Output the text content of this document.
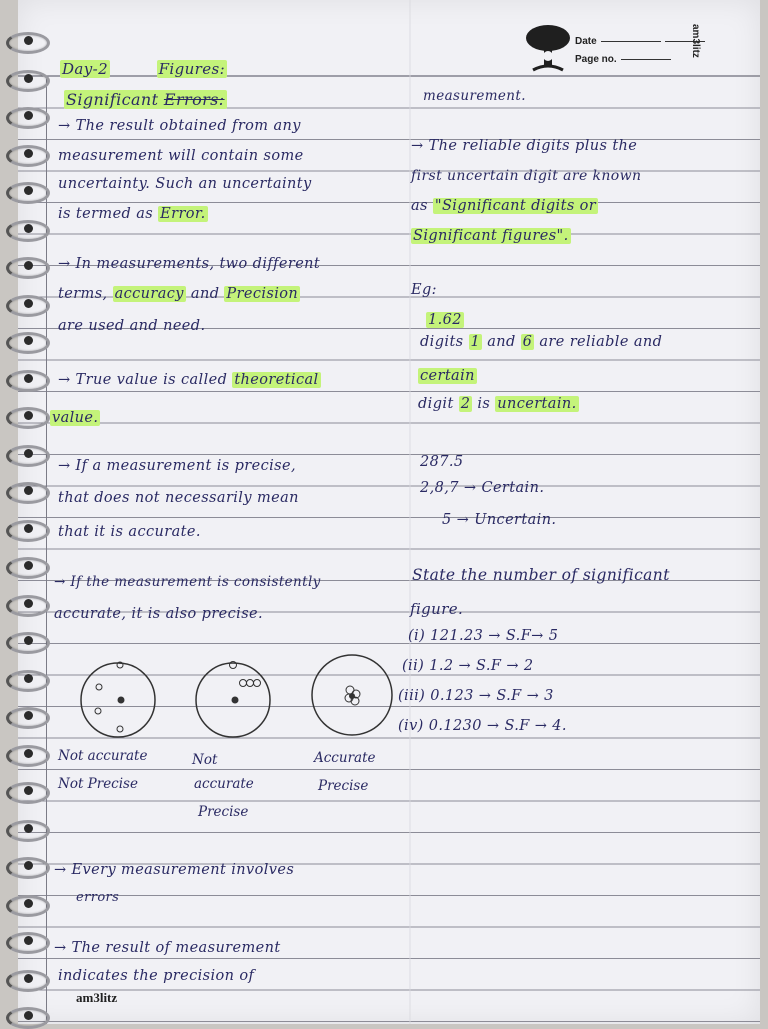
Date
Page no.
am3litz
Day-2	Figures:
Significant Errors:
→ The result obtained from any
measurement will contain some
uncertainty. Such an uncertainty
is termed as Error.
→ In measurements, two different
terms, accuracy and Precision
are used and need.
→ True value is called theoretical
value.
→ If a measurement is precise,
that does not necessarily mean
that it is accurate.
→ If the measurement is consistently
accurate, it is also precise.
Not accurate
Not Precise
Not
accurate
Precise
Accurate
Precise
→ Every measurement involves
errors
→ The result of measurement
indicates the precision of
am3litz
measurement.
→ The reliable digits plus the
first uncertain digit are known
as "Significant digits or
Significant figures".
Eg:
1.62
digits 1 and 6 are reliable and
certain
digit 2 is uncertain.
287.5
2,8,7 → Certain.
5 → Uncertain.
State the number of significant
figure.
(i) 121.23 → S.F→ 5
(ii) 1.2 → S.F → 2
(iii) 0.123 → S.F → 3
(iv) 0.1230 → S.F → 4.
